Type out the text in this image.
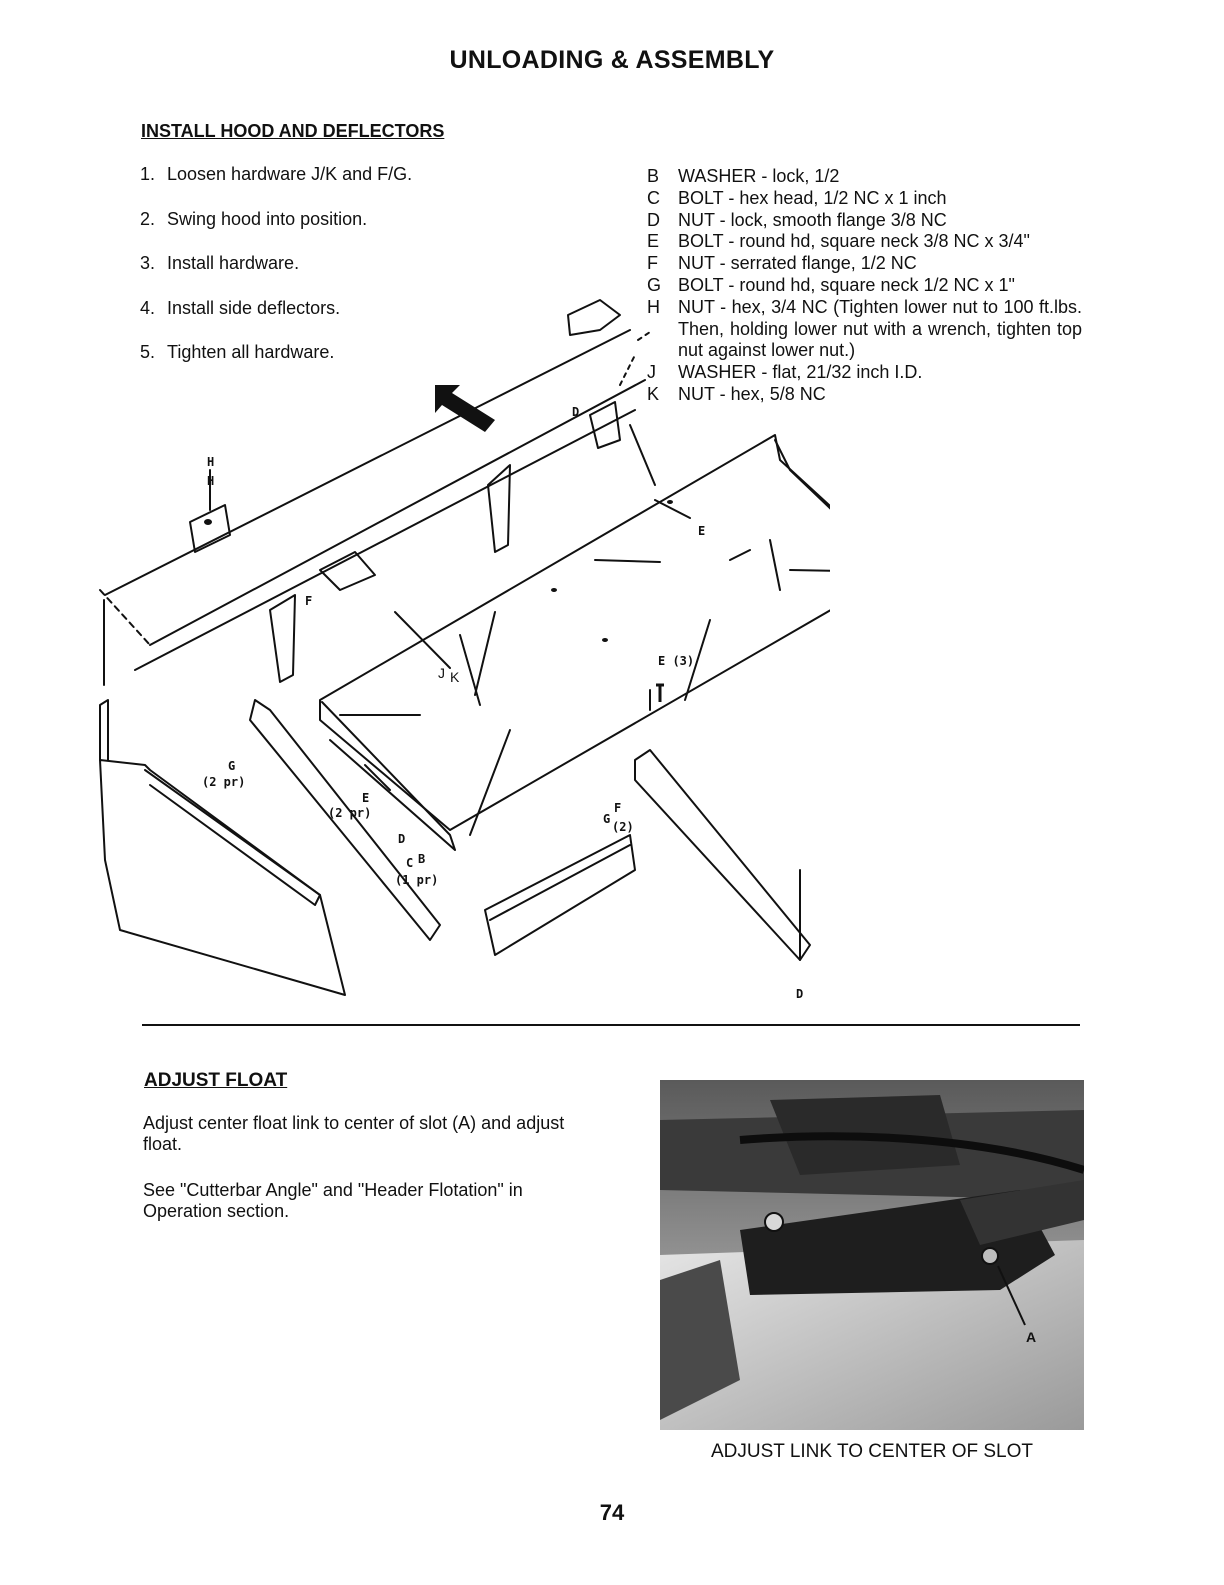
UNLOADING & ASSEMBLY
INSTALL HOOD AND DEFLECTORS
1. Loosen hardware J/K and F/G.
2. Swing hood into position.
3. Install hardware.
4. Install side deflectors.
5. Tighten all hardware.
B	WASHER - lock, 1/2
C	BOLT - hex head, 1/2 NC x 1 inch
D	NUT - lock, smooth flange 3/8 NC
E	BOLT - round hd, square neck 3/8 NC x 3/4"
F	NUT - serrated flange, 1/2 NC
G BOLT - round hd, square neck 1/2 NC x 1"
H	NUT - hex, 3/4 NC (Tighten lower nut to 100 ft.lbs. Then, holding lower nut with a wrench, tighten top nut against lower nut.)
J	WASHER - flat, 21/32 inch I.D.
K	NUT - hex, 5/8 NC
H
H
F
D
E
J K
E (3)
G
(2 pr)
E
(2 pr)
D
C B
(1 pr)
G
F
(2)
D
ADJUST FLOAT
Adjust center float link to center of slot (A) and adjust float.
See "Cutterbar Angle" and "Header Flotation" in Operation section.
A
ADJUST LINK TO CENTER OF SLOT
74
